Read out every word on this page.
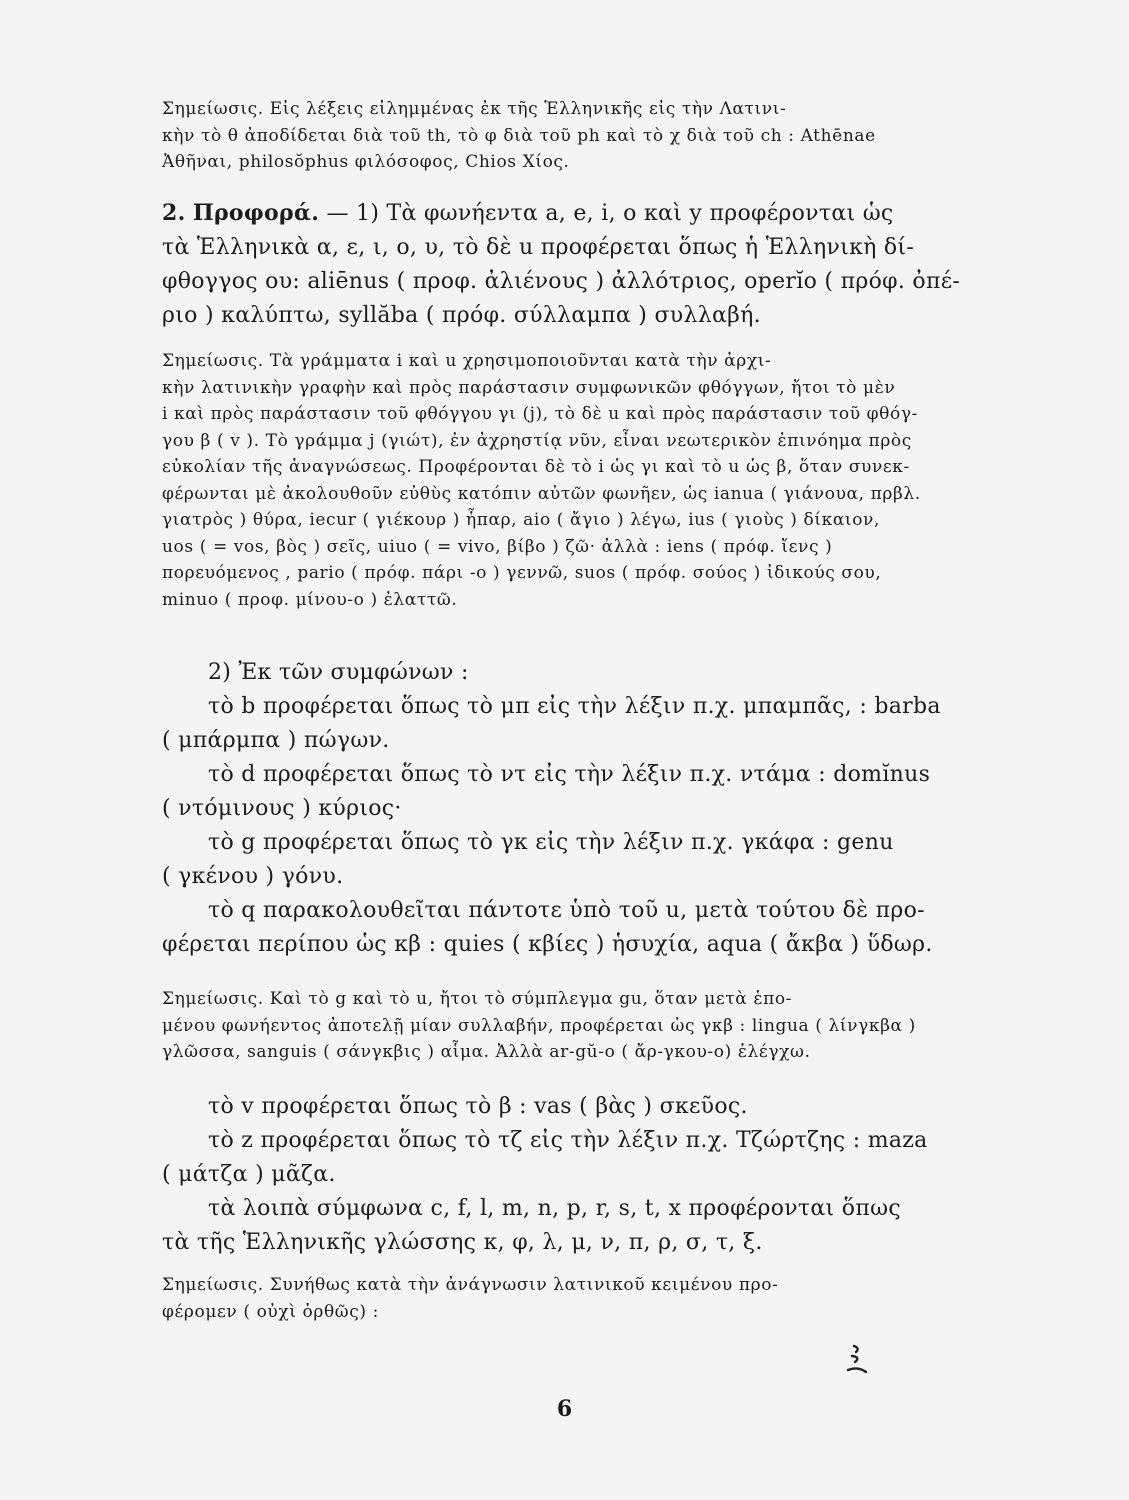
Σημείωσις. Εἰς λέξεις εἰλημμένας ἐκ τῆς Ἑλληνικῆς εἰς τὴν Λατινι-
κὴν τὸ θ ἀποδίδεται διὰ τοῦ th, τὸ φ διὰ τοῦ ph καὶ τὸ χ διὰ τοῦ ch : Athēnae
Ἀθῆναι, philosŏphus φιλόσοφος, Chios Χίος.
2. Προφορά. — 1) Τὰ φωνήεντα a, e, i, o καὶ y προφέρονται ὡς
τὰ Ἑλληνικὰ α, ε, ι, ο, υ, τὸ δὲ u προφέρεται ὅπως ἡ Ἑλληνικὴ δί-
φθογγος ου: aliēnus ( προφ. ἀλιένους ) ἀλλότριος, operĭo ( πρόφ. ὀπέ-
ριο ) καλύπτω, syllăba ( πρόφ. σύλλαμπα ) συλλαβή.
Σημείωσις. Τὰ γράμματα i καὶ u χρησιμοποιοῦνται κατὰ τὴν ἀρχι-
κὴν λατινικὴν γραφὴν καὶ πρὸς παράστασιν συμφωνικῶν φθόγγων, ἤτοι τὸ μὲν
i καὶ πρὸς παράστασιν τοῦ φθόγγου γι (j), τὸ δὲ u καὶ πρὸς παράστασιν τοῦ φθόγ-
γου β ( v ). Τὸ γράμμα j (γιώτ), ἐν ἀχρηστίᾳ νῦν, εἶναι νεωτερικὸν ἐπινόημα πρὸς
εὐκολίαν τῆς ἀναγνώσεως. Προφέρονται δὲ τὸ i ὡς γι καὶ τὸ u ὡς β, ὅταν συνεκ-
φέρωνται μὲ ἀκολουθοῦν εὐθὺς κατόπιν αὐτῶν φωνῆεν, ὡς ianua ( γιάνουα, πρβλ.
γιατρὸς ) θύρα, iecur ( γιέκουρ ) ἧπαρ, aio ( ἄγιο ) λέγω, ius ( γιοὺς ) δίκαιον,
uos ( = vos, βὸς ) σεῖς, uiuo ( = vivo, βίβο ) ζῶ· ἀλλὰ : iens ( πρόφ. ἴενς )
πορευόμενος , pario ( πρόφ. πάρι -ο ) γεννῶ, suos ( πρόφ. σούος ) ἰδικούς σου,
minuo ( προφ. μίνου-ο ) ἐλαττῶ.
2) Ἐκ τῶν συμφώνων :
τὸ b προφέρεται ὅπως τὸ μπ εἰς τὴν λέξιν π.χ. μπαμπᾶς, : barba
( μπάρμπα ) πώγων.
τὸ d προφέρεται ὅπως τὸ ντ εἰς τὴν λέξιν π.χ. ντάμα : domĭnus
( ντόμινους ) κύριος·
τὸ g προφέρεται ὅπως τὸ γκ εἰς τὴν λέξιν π.χ. γκάφα : genu
( γκένου ) γόνυ.
τὸ q παρακολουθεῖται πάντοτε ὑπὸ τοῦ u, μετὰ τούτου δὲ προ-
φέρεται περίπου ὡς κβ : quies ( κβίες ) ἡσυχία, aqua ( ἄκβα ) ὕδωρ.
Σημείωσις. Καὶ τὸ g καὶ τὸ u, ἤτοι τὸ σύμπλεγμα gu, ὅταν μετὰ ἑπο-
μένου φωνήεντος ἀποτελῇ μίαν συλλαβήν, προφέρεται ὡς γκβ : lingua ( λίνγκβα )
γλῶσσα, sanguis ( σάνγκβις ) αἷμα. Ἀλλὰ ar-gŭ-o ( ἄρ-γκου-ο) ἐλέγχω.
τὸ v προφέρεται ὅπως τὸ β : vas ( βὰς ) σκεῦος.
τὸ z προφέρεται ὅπως τὸ τζ εἰς τὴν λέξιν π.χ. Τζώρτζης : maza
( μάτζα ) μᾶζα.
τὰ λοιπὰ σύμφωνα c, f, l, m, n, p, r, s, t, x προφέρονται ὅπως
τὰ τῆς Ἑλληνικῆς γλώσσης κ, φ, λ, μ, ν, π, ρ, σ, τ, ξ.
Σημείωσις. Συνήθως κατὰ τὴν ἀνάγνωσιν λατινικοῦ κειμένου προ-
φέρομεν ( οὐχὶ ὀρθῶς) :
6
